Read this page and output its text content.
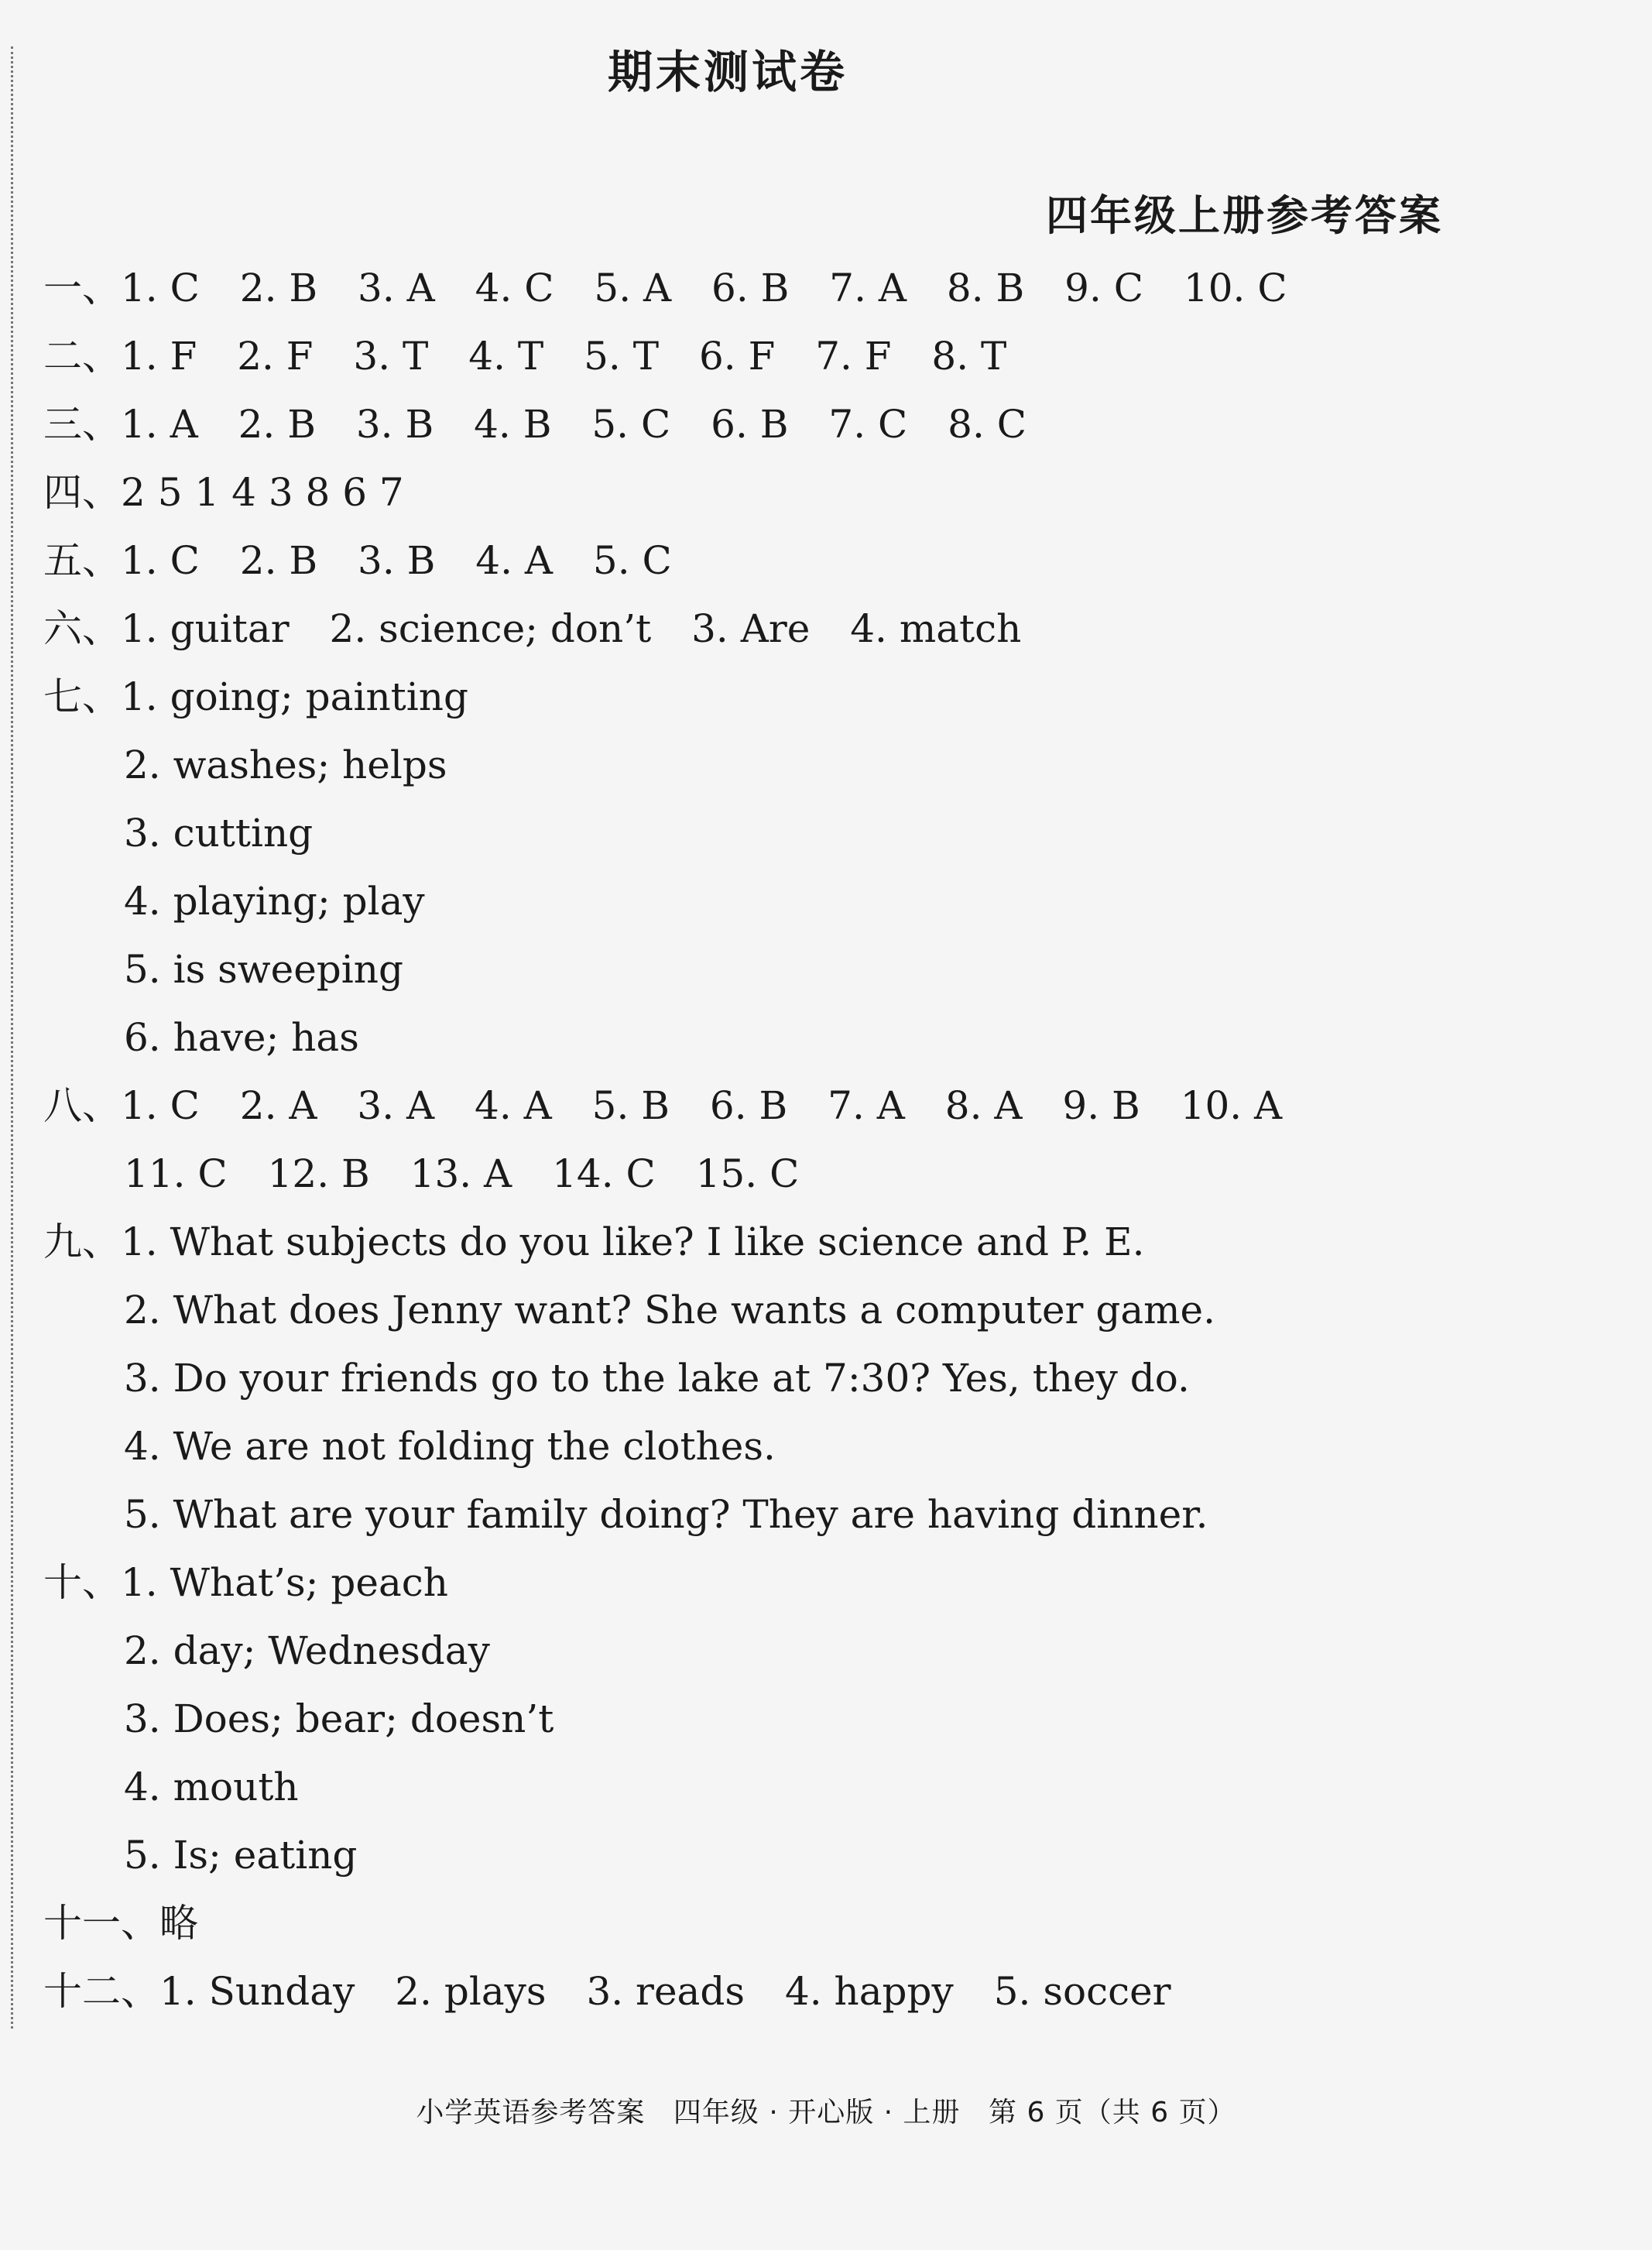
期末测试卷
四年级上册参考答案
一、1. C 2. B 3. A 4. C 5. A 6. B 7. A 8. B 9. C 10. C
二、1. F 2. F 3. T 4. T 5. T 6. F 7. F 8. T
三、1. A 2. B 3. B 4. B 5. C 6. B 7. C 8. C
四、2 5 1 4 3 8 6 7
五、1. C 2. B 3. B 4. A 5. C
六、1. guitar 2. science; don’t 3. Are 4. match
七、1. going; painting
2. washes; helps
3. cutting
4. playing; play
5. is sweeping
6. have; has
八、1. C 2. A 3. A 4. A 5. B 6. B 7. A 8. A 9. B 10. A
11. C 12. B 13. A 14. C 15. C
九、1. What subjects do you like? I like science and P. E.
2. What does Jenny want? She wants a computer game.
3. Do your friends go to the lake at 7:30? Yes, they do.
4. We are not folding the clothes.
5. What are your family doing? They are having dinner.
十、1. What’s; peach
2. day; Wednesday
3. Does; bear; doesn’t
4. mouth
5. Is; eating
十一、略
十二、1. Sunday 2. plays 3. reads 4. happy 5. soccer
小学英语参考答案 四年级 · 开心版 · 上册 第 6 页（共 6 页）
